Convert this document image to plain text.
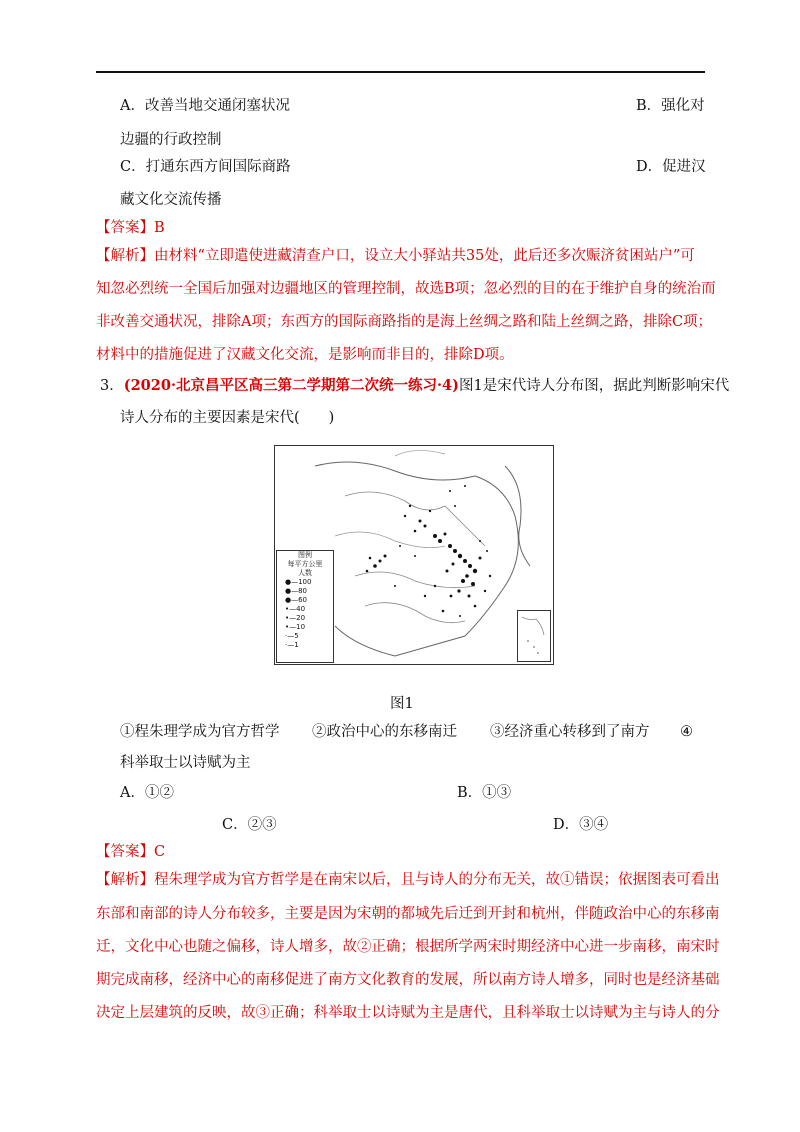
A．改善当地交通闭塞状况	B．强化对
边疆的行政控制
C．打通东西方间国际商路	D．促进汉
藏文化交流传播
【答案】B
【解析】由材料“立即遣使进藏清查户口，设立大小驿站共35处，此后还多次赈济贫困站户”可
知忽必烈统一全国后加强对边疆地区的管理控制，故选B项；忽必烈的目的在于维护自身的统治而
非改善交通状况，排除A项；东西方的国际商路指的是海上丝绸之路和陆上丝绸之路，排除C项；
材料中的措施促进了汉藏文化交流，是影响而非目的，排除D项。
3．(2020·北京昌平区高三第二学期第二次统一练习·4)图1是宋代诗人分布图，据此判断影响宋代
诗人分布的主要因素是宋代(　　)
图例
每平方公里
人数
●—100
●—80
●—60
•—40
•—20
•—10
·—5
·—1
图1
①程朱理学成为官方哲学 ②政治中心的东移南迁 ③经济重心转移到了南方 ④
科举取士以诗赋为主
A．①②	B．①③
C．②③	D．③④
【答案】C
【解析】程朱理学成为官方哲学是在南宋以后，且与诗人的分布无关，故①错误；依据图表可看出
东部和南部的诗人分布较多，主要是因为宋朝的都城先后迁到开封和杭州，伴随政治中心的东移南
迁，文化中心也随之偏移，诗人增多，故②正确；根据所学两宋时期经济中心进一步南移，南宋时
期完成南移，经济中心的南移促进了南方文化教育的发展，所以南方诗人增多，同时也是经济基础
决定上层建筑的反映，故③正确；科举取士以诗赋为主是唐代，且科举取士以诗赋为主与诗人的分
